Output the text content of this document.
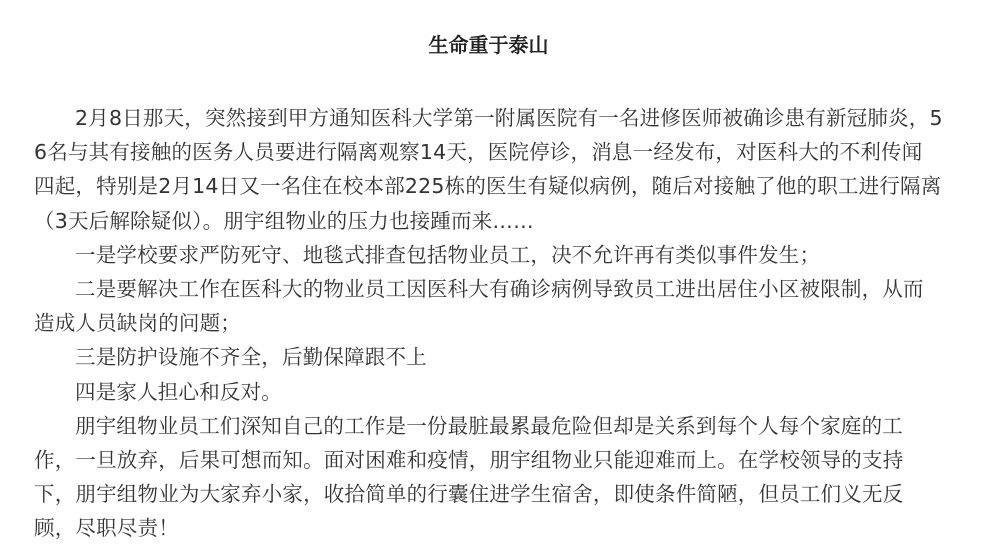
生命重于泰山

2月8日那天，突然接到甲方通知医科大学第一附属医院有一名进修医师被确诊患有新冠肺炎，56名与其有接触的医务人员要进行隔离观察14天，医院停诊，消息一经发布，对医科大的不利传闻四起，特别是2月14日又一名住在校本部225栋的医生有疑似病例，随后对接触了他的职工进行隔离（3天后解除疑似）。朋宇组物业的压力也接踵而来……

一是学校要求严防死守、地毯式排查包括物业员工，决不允许再有类似事件发生；

二是要解决工作在医科大的物业员工因医科大有确诊病例导致员工进出居住小区被限制，从而造成人员缺岗的问题；

三是防护设施不齐全，后勤保障跟不上

四是家人担心和反对。

朋宇组物业员工们深知自己的工作是一份最脏最累最危险但却是关系到每个人每个家庭的工作，一旦放弃，后果可想而知。面对困难和疫情，朋宇组物业只能迎难而上。在学校领导的支持下，朋宇组物业为大家弃小家，收拾简单的行囊住进学生宿舍，即使条件简陋，但员工们义无反顾，尽职尽责！
